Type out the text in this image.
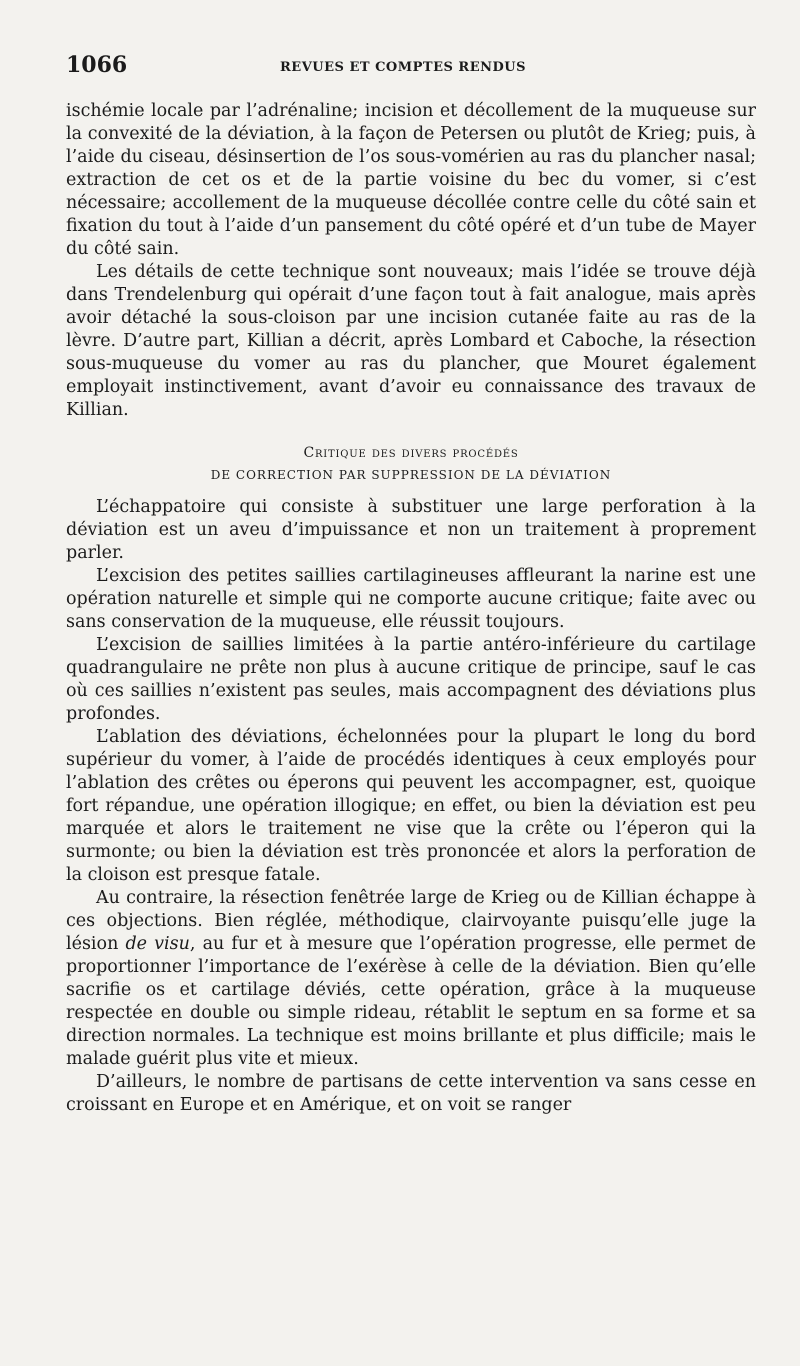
1066	REVUES ET COMPTES RENDUS

ischémie locale par l’adrénaline; incision et décollement de la muqueuse sur la convexité de la déviation, à la façon de Petersen ou plutôt de Krieg; puis, à l’aide du ciseau, désinsertion de l’os sous-vomérien au ras du plancher nasal; extraction de cet os et de la partie voisine du bec du vomer, si c’est nécessaire; accollement de la muqueuse décollée contre celle du côté sain et fixation du tout à l’aide d’un pansement du côté opéré et d’un tube de Mayer du côté sain.

Les détails de cette technique sont nouveaux; mais l’idée se trouve déjà dans Trendelenburg qui opérait d’une façon tout à fait analogue, mais après avoir détaché la sous-cloison par une incision cutanée faite au ras de la lèvre. D’autre part, Killian a décrit, après Lombard et Caboche, la résection sous-muqueuse du vomer au ras du plancher, que Mouret également employait instinctivement, avant d’avoir eu connaissance des travaux de Killian.

Critique des divers procédés
DE CORRECTION PAR SUPPRESSION DE LA DÉVIATION

L’échappatoire qui consiste à substituer une large perforation à la déviation est un aveu d’impuissance et non un traitement à proprement parler.

L’excision des petites saillies cartilagineuses affleurant la narine est une opération naturelle et simple qui ne comporte aucune critique; faite avec ou sans conservation de la muqueuse, elle réussit toujours.

L’excision de saillies limitées à la partie antéro-inférieure du cartilage quadrangulaire ne prête non plus à aucune critique de principe, sauf le cas où ces saillies n’existent pas seules, mais accompagnent des déviations plus profondes.

L’ablation des déviations, échelonnées pour la plupart le long du bord supérieur du vomer, à l’aide de procédés identiques à ceux employés pour l’ablation des crêtes ou éperons qui peuvent les accompagner, est, quoique fort répandue, une opération illogique; en effet, ou bien la déviation est peu marquée et alors le traitement ne vise que la crête ou l’éperon qui la surmonte; ou bien la déviation est très prononcée et alors la perforation de la cloison est presque fatale.

Au contraire, la résection fenêtrée large de Krieg ou de Killian échappe à ces objections. Bien réglée, méthodique, clairvoyante puisqu’elle juge la lésion de visu, au fur et à mesure que l’opération progresse, elle permet de proportionner l’importance de l’exérèse à celle de la déviation. Bien qu’elle sacrifie os et cartilage déviés, cette opération, grâce à la muqueuse respectée en double ou simple rideau, rétablit le septum en sa forme et sa direction normales. La technique est moins brillante et plus difficile; mais le malade guérit plus vite et mieux.

D’ailleurs, le nombre de partisans de cette intervention va sans cesse en croissant en Europe et en Amérique, et on voit se ranger
